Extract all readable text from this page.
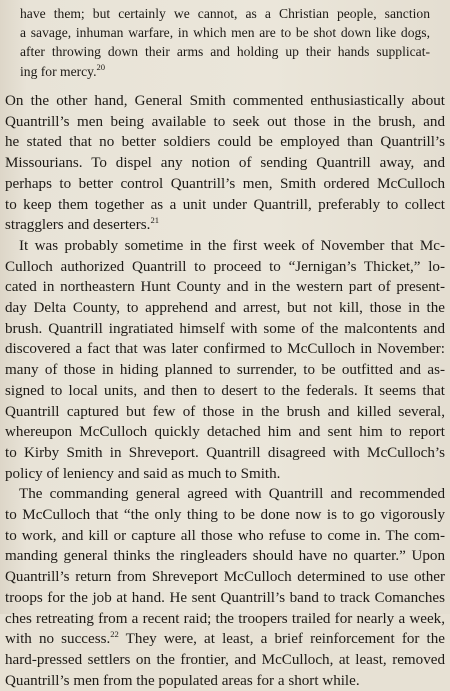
have them; but certainly we cannot, as a Christian people, sanction
a savage, inhuman warfare, in which men are to be shot down like dogs,
after throwing down their arms and holding up their hands supplicat-
ing for mercy.$^{20}$
On the other hand, General Smith commented enthusiastically about
Quantrill’s men being available to seek out those in the brush, and
he stated that no better soldiers could be employed than Quantrill’s
Missourians. To dispel any notion of sending Quantrill away, and
perhaps to better control Quantrill’s men, Smith ordered McCulloch
to keep them together as a unit under Quantrill, preferably to collect
stragglers and deserters.$^{21}$
It was probably sometime in the first week of November that Mc-
Culloch authorized Quantrill to proceed to “Jernigan’s Thicket,” lo-
cated in northeastern Hunt County and in the western part of present-
day Delta County, to apprehend and arrest, but not kill, those in the
brush. Quantrill ingratiated himself with some of the malcontents and
discovered a fact that was later confirmed to McCulloch in November:
many of those in hiding planned to surrender, to be outfitted and as-
signed to local units, and then to desert to the federals. It seems that
Quantrill captured but few of those in the brush and killed several,
whereupon McCulloch quickly detached him and sent him to report
to Kirby Smith in Shreveport. Quantrill disagreed with McCulloch’s
policy of leniency and said as much to Smith.
The commanding general agreed with Quantrill and recommended
to McCulloch that “the only thing to be done now is to go vigorously
to work, and kill or capture all those who refuse to come in. The com-
manding general thinks the ringleaders should have no quarter.” Upon
Quantrill’s return from Shreveport McCulloch determined to use other
troops for the job at hand. He sent Quantrill’s band to track Comanches
ches retreating from a recent raid; the troopers trailed for nearly a week,
with no success.$^{22}$ They were, at least, a brief reinforcement for the
hard-pressed settlers on the frontier, and McCulloch, at least, removed
Quantrill’s men from the populated areas for a short while.
